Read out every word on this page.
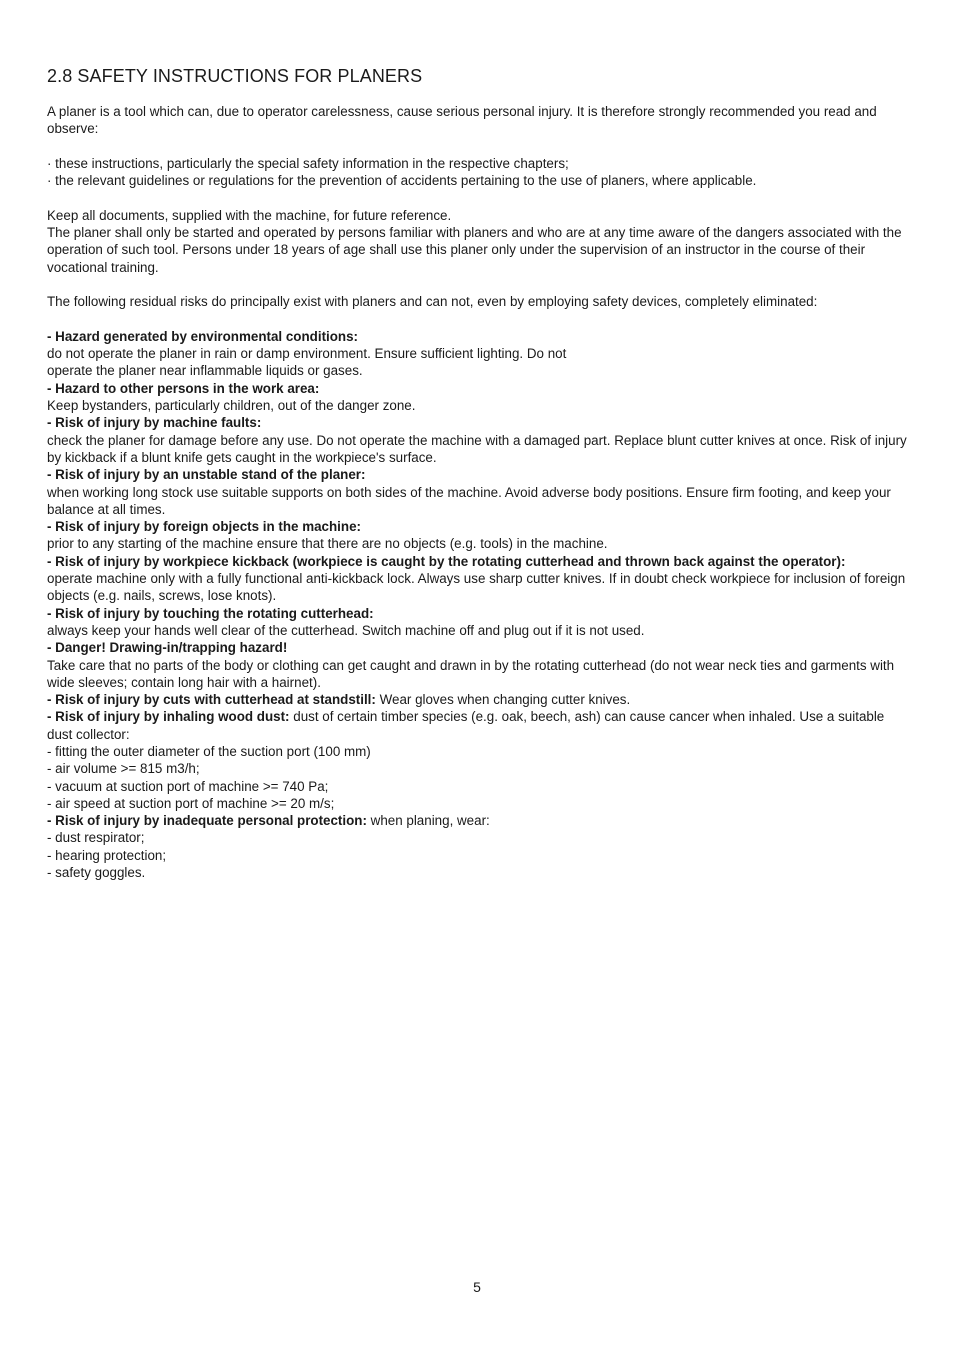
2.8 SAFETY INSTRUCTIONS FOR PLANERS

A planer is a tool which can, due to operator carelessness, cause serious personal injury. It is therefore strongly recommended you read and observe:

· these instructions, particularly the special safety information in the respective chapters;

· the relevant guidelines or regulations for the prevention of accidents pertaining to the use of planers, where applicable.

Keep all documents, supplied with the machine, for future reference.

The planer shall only be started and operated by persons familiar with planers and who are at any time aware of the dangers associated with the operation of such tool. Persons under 18 years of age shall use this planer only under the supervision of an instructor in the course of their vocational training.

The following residual risks do principally exist with planers and can not, even by employing safety devices, completely eliminated:

- Hazard generated by environmental conditions:

do not operate the planer in rain or damp environment. Ensure sufficient lighting. Do not

operate the planer near inflammable liquids or gases.

- Hazard to other persons in the work area:

Keep bystanders, particularly children, out of the danger zone.

- Risk of injury by machine faults:

check the planer for damage before any use. Do not operate the machine with a damaged part. Replace blunt cutter knives at once. Risk of injury by kickback if a blunt knife gets caught in the workpiece's surface.

- Risk of injury by an unstable stand of the planer:

when working long stock use suitable supports on both sides of the machine. Avoid adverse body positions. Ensure firm footing, and keep your balance at all times.

- Risk of injury by foreign objects in the machine:

prior to any starting of the machine ensure that there are no objects (e.g. tools) in the machine.

- Risk of injury by workpiece kickback (workpiece is caught by the rotating cutterhead and thrown back against the operator):

operate machine only with a fully functional anti-kickback lock. Always use sharp cutter knives. If in doubt check workpiece for inclusion of foreign objects (e.g. nails, screws, lose knots).

- Risk of injury by touching the rotating cutterhead:

always keep your hands well clear of the cutterhead. Switch machine off and plug out if it is not used.

- Danger! Drawing-in/trapping hazard!

Take care that no parts of the body or clothing can get caught and drawn in by the rotating cutterhead (do not wear neck ties and garments with wide sleeves; contain long hair with a hairnet).

- Risk of injury by cuts with cutterhead at standstill: Wear gloves when changing cutter knives.

- Risk of injury by inhaling wood dust: dust of certain timber species (e.g. oak, beech, ash) can cause cancer when inhaled. Use a suitable dust collector:

- fitting the outer diameter of the suction port (100 mm)

- air volume >= 815 m3/h;

- vacuum at suction port of machine >= 740 Pa;

- air speed at suction port of machine >= 20 m/s;

- Risk of injury by inadequate personal protection: when planing, wear:

- dust respirator;

- hearing protection;

- safety goggles.

5
